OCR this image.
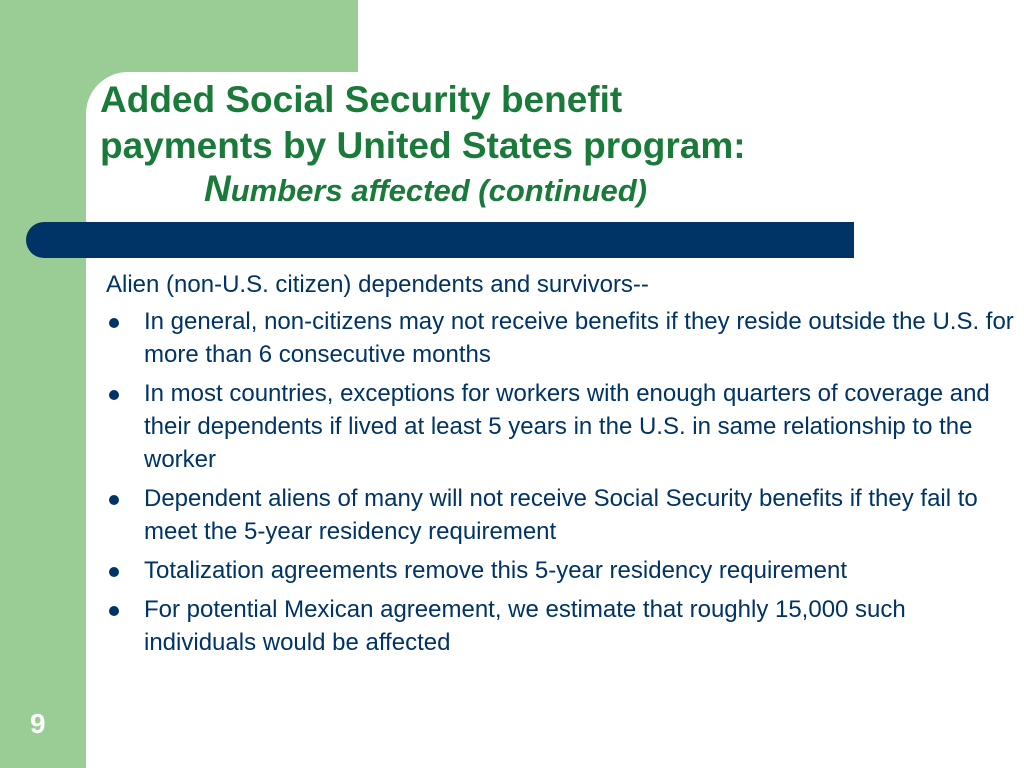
Added Social Security benefit
payments by United States program:
Numbers affected (continued)

Alien (non-U.S. citizen) dependents and survivors--

In general, non-citizens may not receive benefits if they reside outside the U.S. for more than 6 consecutive months
In most countries, exceptions for workers with enough quarters of coverage and their dependents if lived at least 5 years in the U.S. in same relationship to the worker
Dependent aliens of many will not receive Social Security benefits if they fail to meet the 5-year residency requirement
Totalization agreements remove this 5-year residency requirement
For potential Mexican agreement, we estimate that roughly 15,000 such individuals would be affected
9
